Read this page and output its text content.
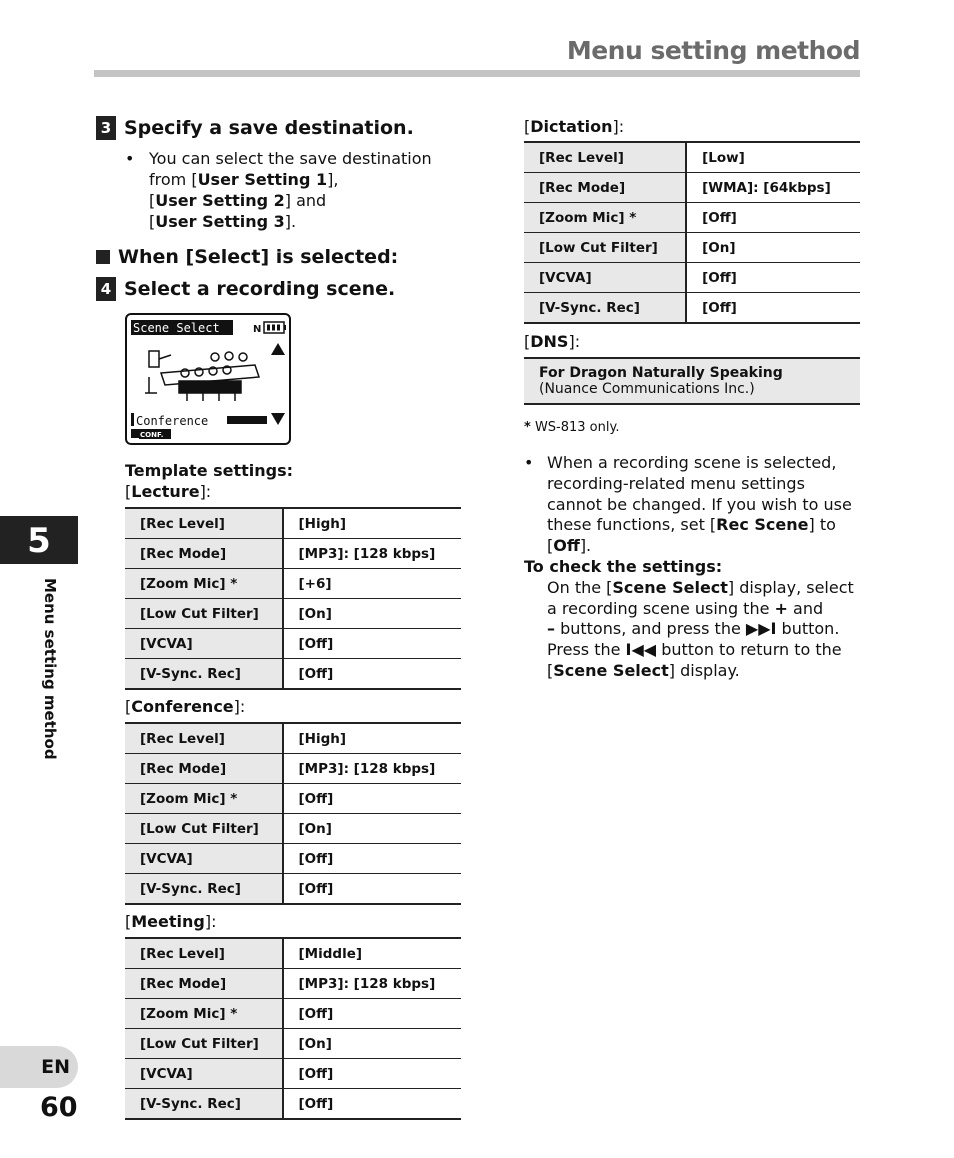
Menu setting method
5
Menu setting method
EN
60
3 Specify a save destination.
• You can select the save destination
from [User Setting 1],
[User Setting 2] and
[User Setting 3].
When [Select] is selected:
4 Select a recording scene.
Scene Select	N
Conference
CONF.
Template settings:
[Lecture]:
[Rec Level]	[High]
[Rec Mode]	[MP3]: [128 kbps]
[Zoom Mic] *	[+6]
[Low Cut Filter]	[On]
[VCVA]	[Off]
[V-Sync. Rec]	[Off]
[Conference]:
[Rec Level]	[High]
[Rec Mode]	[MP3]: [128 kbps]
[Zoom Mic] *	[Off]
[Low Cut Filter]	[On]
[VCVA]	[Off]
[V-Sync. Rec]	[Off]
[Meeting]:
[Rec Level]	[Middle]
[Rec Mode]	[MP3]: [128 kbps]
[Zoom Mic] *	[Off]
[Low Cut Filter]	[On]
[VCVA]	[Off]
[V-Sync. Rec]	[Off]
[Dictation]:
[Rec Level]	[Low]
[Rec Mode]	[WMA]: [64kbps]
[Zoom Mic] *	[Off]
[Low Cut Filter]	[On]
[VCVA]	[Off]
[V-Sync. Rec]	[Off]
[DNS]:
For Dragon Naturally Speaking
(Nuance Communications Inc.)
* WS-813 only.
• When a recording scene is selected,
recording-related menu settings
cannot be changed. If you wish to use
these functions, set [Rec Scene] to
[Off].
To check the settings:
On the [Scene Select] display, select
a recording scene using the + and
– buttons, and press the ▶▶I button.
Press the I◀◀ button to return to the
[Scene Select] display.
